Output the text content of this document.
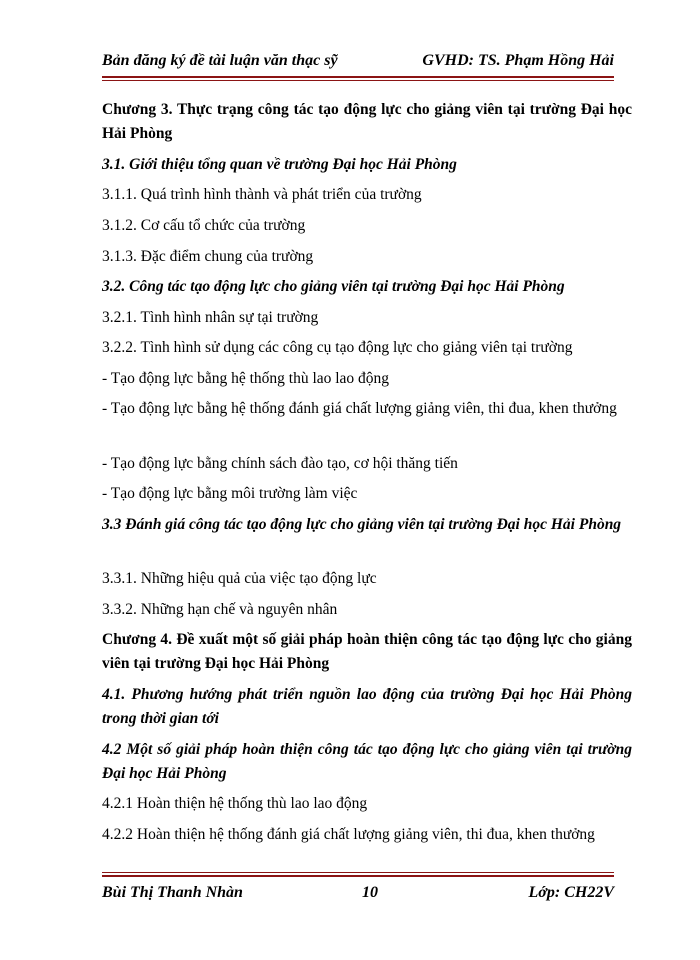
Bản đăng ký đề tài luận văn thạc sỹ	GVHD: TS. Phạm Hồng Hải
Chương 3. Thực trạng công tác tạo động lực cho giảng viên tại trường Đại học Hải Phòng
3.1. Giới thiệu tổng quan về trường Đại học Hải Phòng
3.1.1. Quá trình hình thành và phát triển của trường
3.1.2. Cơ cấu tổ chức của trường
3.1.3. Đặc điểm chung của trường
3.2. Công tác tạo động lực cho giảng viên tại trường Đại học Hải Phòng
3.2.1. Tình hình nhân sự tại trường
3.2.2. Tình hình sử dụng các công cụ tạo động lực cho giảng viên tại trường
- Tạo động lực bằng hệ thống thù lao lao động
- Tạo động lực bằng hệ thống đánh giá chất lượng giảng viên, thi đua, khen thưởng
- Tạo động lực bằng chính sách đào tạo, cơ hội thăng tiến
- Tạo động lực bằng môi trường làm việc
3.3 Đánh giá công tác tạo động lực cho giảng viên tại trường Đại học Hải Phòng
3.3.1. Những hiệu quả của việc tạo động lực
3.3.2. Những hạn chế và nguyên nhân
Chương 4. Đề xuất một số giải pháp hoàn thiện công tác tạo động lực cho giảng viên tại trường Đại học Hải Phòng
4.1. Phương hướng phát triển nguồn lao động của trường Đại học Hải Phòng trong thời gian tới
4.2 Một số giải pháp hoàn thiện công tác tạo động lực cho giảng viên tại trường Đại học Hải Phòng
4.2.1 Hoàn thiện hệ thống thù lao lao động
4.2.2 Hoàn thiện hệ thống đánh giá chất lượng giảng viên, thi đua, khen thưởng
Bùi Thị Thanh Nhàn	10	Lớp: CH22V
